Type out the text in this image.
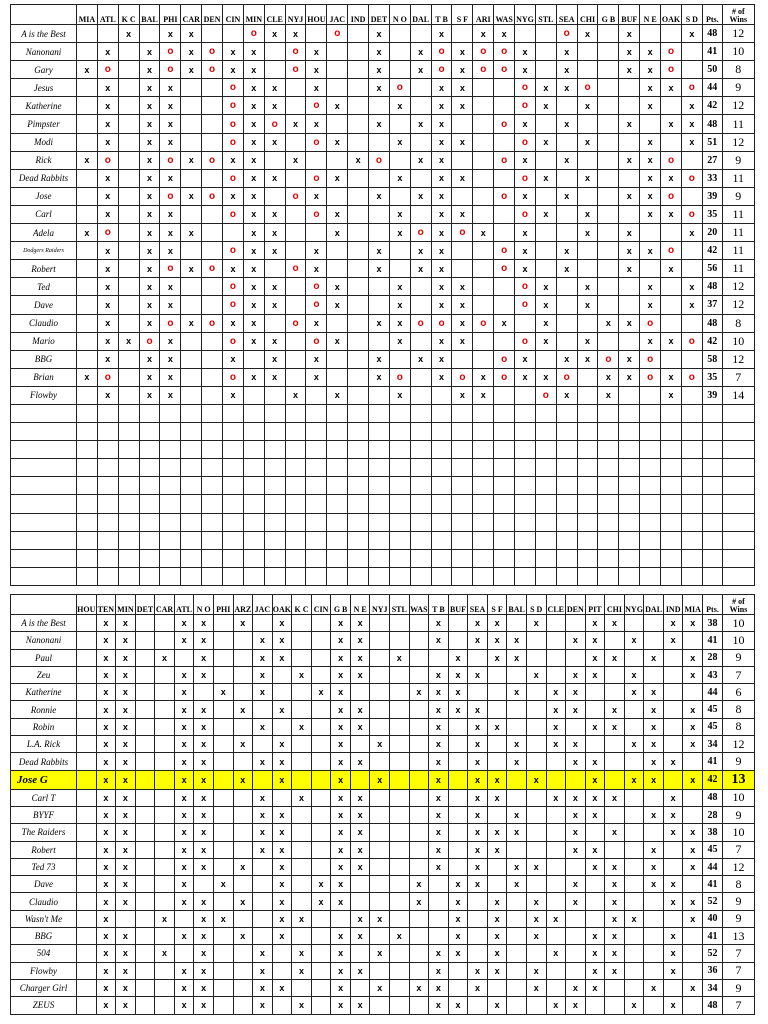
	MIA	ATL	K C	BAL	PHI	CAR	DEN	CIN	MIN	CLE	NYJ	HOU	JAC	IND	DET	N O	DAL	T B	S F	ARI	WAS	NYG	STL	SEA	CHI	G B	BUF	N E	OAK	S D	Pts.	# of Wins
A is the Best			x		x	x			o	x	x		o		x			x		x	x			o	x		x			x	48	12
Nanonani		x		x	o	x	o	x	x		o	x			x		x	o	x	o	o	x		x			x	x	o		41	10
Gary	x	o		x	o	x	o	x	x		o	x			x		x	o	x	o	o	x		x			x	x	o		50	8
Jesus		x		x	x			o	x	x		x			x	o		x	x			o	x	x	o			x	x	o	44	9
Katherine		x		x	x			o	x	x		o	x			x		x	x			o	x		x			x		x	42	12
Pimpster		x		x	x			o	x	o	x	x			x		x	x			o	x		x			x		x	x	48	11
Modi		x		x	x			o	x	x		o	x			x		x	x			o	x		x			x		x	51	12
Rick	x	o		x	o	x	o	x	x		x			x	o		x	x			o	x		x			x	x	o		27	9
Dead Rabbits		x		x	x			o	x	x		o	x			x		x	x			o	x		x			x	x	o	33	11
Jose		x		x	o	x	o	x	x		o	x			x		x	x			o	x		x			x	x	o		39	9
Carl		x		x	x			o	x	x		o	x			x		x	x			o	x		x			x	x	o	35	11
Adela	x	o		x	x	x			x	x			x			x	o	x	o	x		x			x		x			x	20	11
Dodgers Raiders		x		x	x			o	x	x		x			x		x	x			o	x		x			x	x	o		42	11
Robert		x		x	o	x	o	x	x		o	x			x		x	x			o	x		x			x		x		56	11
Ted		x		x	x			o	x	x		o	x			x		x	x			o	x		x			x		x	48	12
Dave		x		x	x			o	x	x		o	x			x		x	x			o	x		x			x		x	37	12
Claudio		x		x	o	x	o	x	x		o	x			x	x	o	o	x	o	x		x			x	x	o			48	8
Mario		x	x	o	x			o	x	x		o	x			x		x	x			o	x		x			x	x	o	42	10
BBG		x		x	x			x		x		x			x		x	x			o	x		x	x	o	x	o			58	12
Brian	x	o		x	x			o	x	x		x			x	o		x	o	x	o	x	x	o		x	x	o	x	o	35	7
Flowby		x		x	x			x			x		x			x			x	x			o	x		x			x		39	14

	HOU	TEN	MIN	DET	CAR	ATL	N O	PHI	ARZ	JAC	OAK	K C	CIN	G B	N E	NYJ	STL	WAS	T B	BUF	SEA	S F	BAL	S D	CLE	DEN	PIT	CHI	NYG	DAL	IND	MIA	Pts.	# of Wins
A is the Best		x	x			x	x		x		x			x	x				x		x	x		x			x	x			x	x	38	10
Nanonani		x	x			x	x			x	x			x	x				x		x	x	x			x	x		x		x		41	10
Paul		x	x		x		x			x	x			x	x		x			x		x	x				x	x		x		x	28	9
Zeu		x	x			x	x			x		x		x	x				x	x	x			x		x	x		x			x	43	7
Katherine		x	x			x		x		x			x	x				x	x	x			x		x	x			x	x			44	6
Ronnie		x	x			x	x		x		x			x	x				x	x	x				x	x		x		x		x	45	8
Robin		x	x			x	x			x		x		x	x				x		x	x			x		x	x		x		x	45	8
L.A. Rick		x	x			x	x		x		x			x		x			x		x		x		x	x			x	x		x	34	12
Dead Rabbits		x	x			x	x			x	x			x	x				x		x		x			x	x			x	x		41	9
Jose G		x	x			x	x		x		x			x		x			x		x	x		x			x		x	x		x	42	13
Carl T		x	x			x	x			x		x		x	x				x		x	x			x	x	x	x			x		48	10
BYYF		x	x			x	x			x	x			x	x				x		x		x			x	x			x	x		28	9
The Raiders		x	x			x	x			x	x			x	x				x		x	x	x			x		x			x	x	38	10
Robert		x	x			x	x			x	x			x	x				x		x	x				x	x			x		x	45	7
Ted 73		x	x			x	x		x		x			x	x				x		x		x	x			x	x		x		x	44	12
Dave		x	x			x		x			x		x	x				x		x	x		x			x		x		x	x		41	8
Claudio		x	x			x	x		x		x		x	x				x		x		x		x		x		x			x	x	52	9
Wasn't Me		x			x		x	x			x	x			x	x				x		x		x	x			x	x			x	40	9
BBG		x	x			x	x		x		x			x	x		x			x		x		x			x	x			x		41	13
504		x	x		x		x			x		x		x		x			x	x		x			x		x	x			x		52	7
Flowby		x	x			x	x			x		x		x	x				x		x	x		x			x	x			x		36	7
Charger Girl		x	x			x	x			x	x			x		x		x	x		x			x		x	x			x		x	34	9
ZEUS		x	x			x	x			x		x		x	x				x	x		x			x	x			x		x		48	7
